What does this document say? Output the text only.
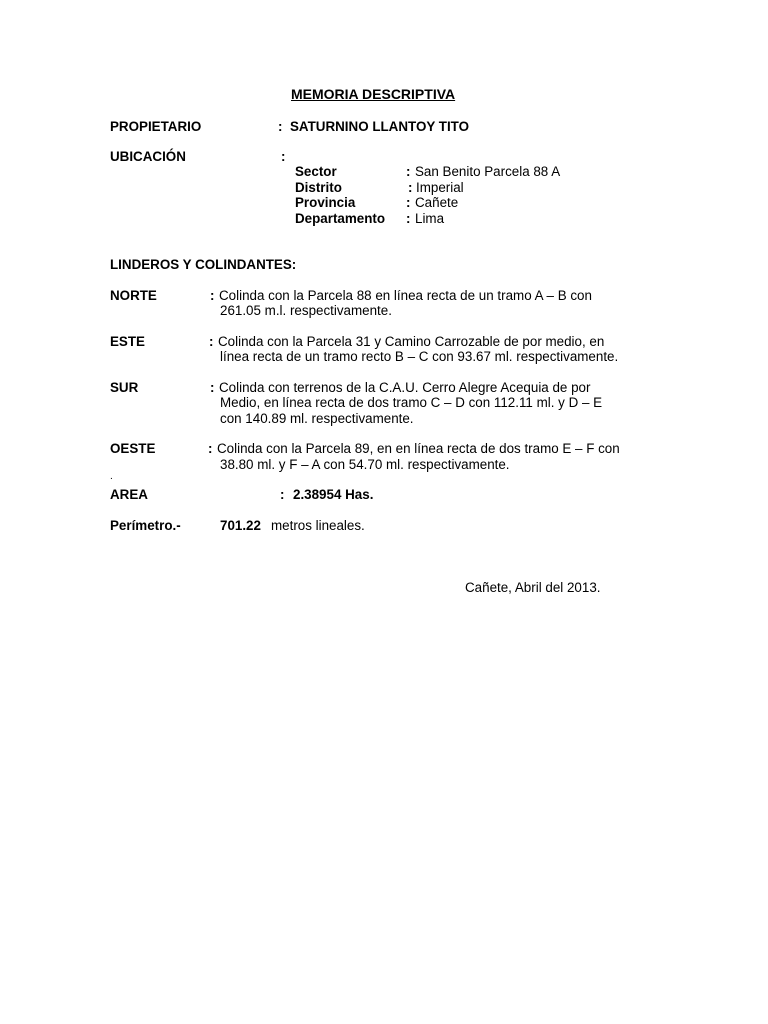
MEMORIA DESCRIPTIVA
PROPIETARIO	: SATURNINO LLANTOY TITO
UBICACIÓN	:
Sector	: San Benito Parcela 88 A
Distrito	: Imperial
Provincia	: Cañete
Departamento : Lima
LINDEROS Y COLINDANTES:
NORTE	: Colinda con la Parcela 88 en línea recta de un tramo A – B con
261.05 m.l. respectivamente.
ESTE	: Colinda con la Parcela 31 y Camino Carrozable de por medio, en
línea recta de un tramo recto B – C con 93.67 ml. respectivamente.
SUR	: Colinda con terrenos de la C.A.U. Cerro Alegre Acequia de por
Medio, en línea recta de dos tramo C – D con 112.11 ml. y D – E
con 140.89 ml. respectivamente.
OESTE	: Colinda con la Parcela 89, en en línea recta de dos tramo E – F con
38.80 ml. y F – A con 54.70 ml. respectivamente.
.
AREA	: 2.38954 Has.
Perímetro.-	701.22 metros lineales.
Cañete, Abril del 2013.
